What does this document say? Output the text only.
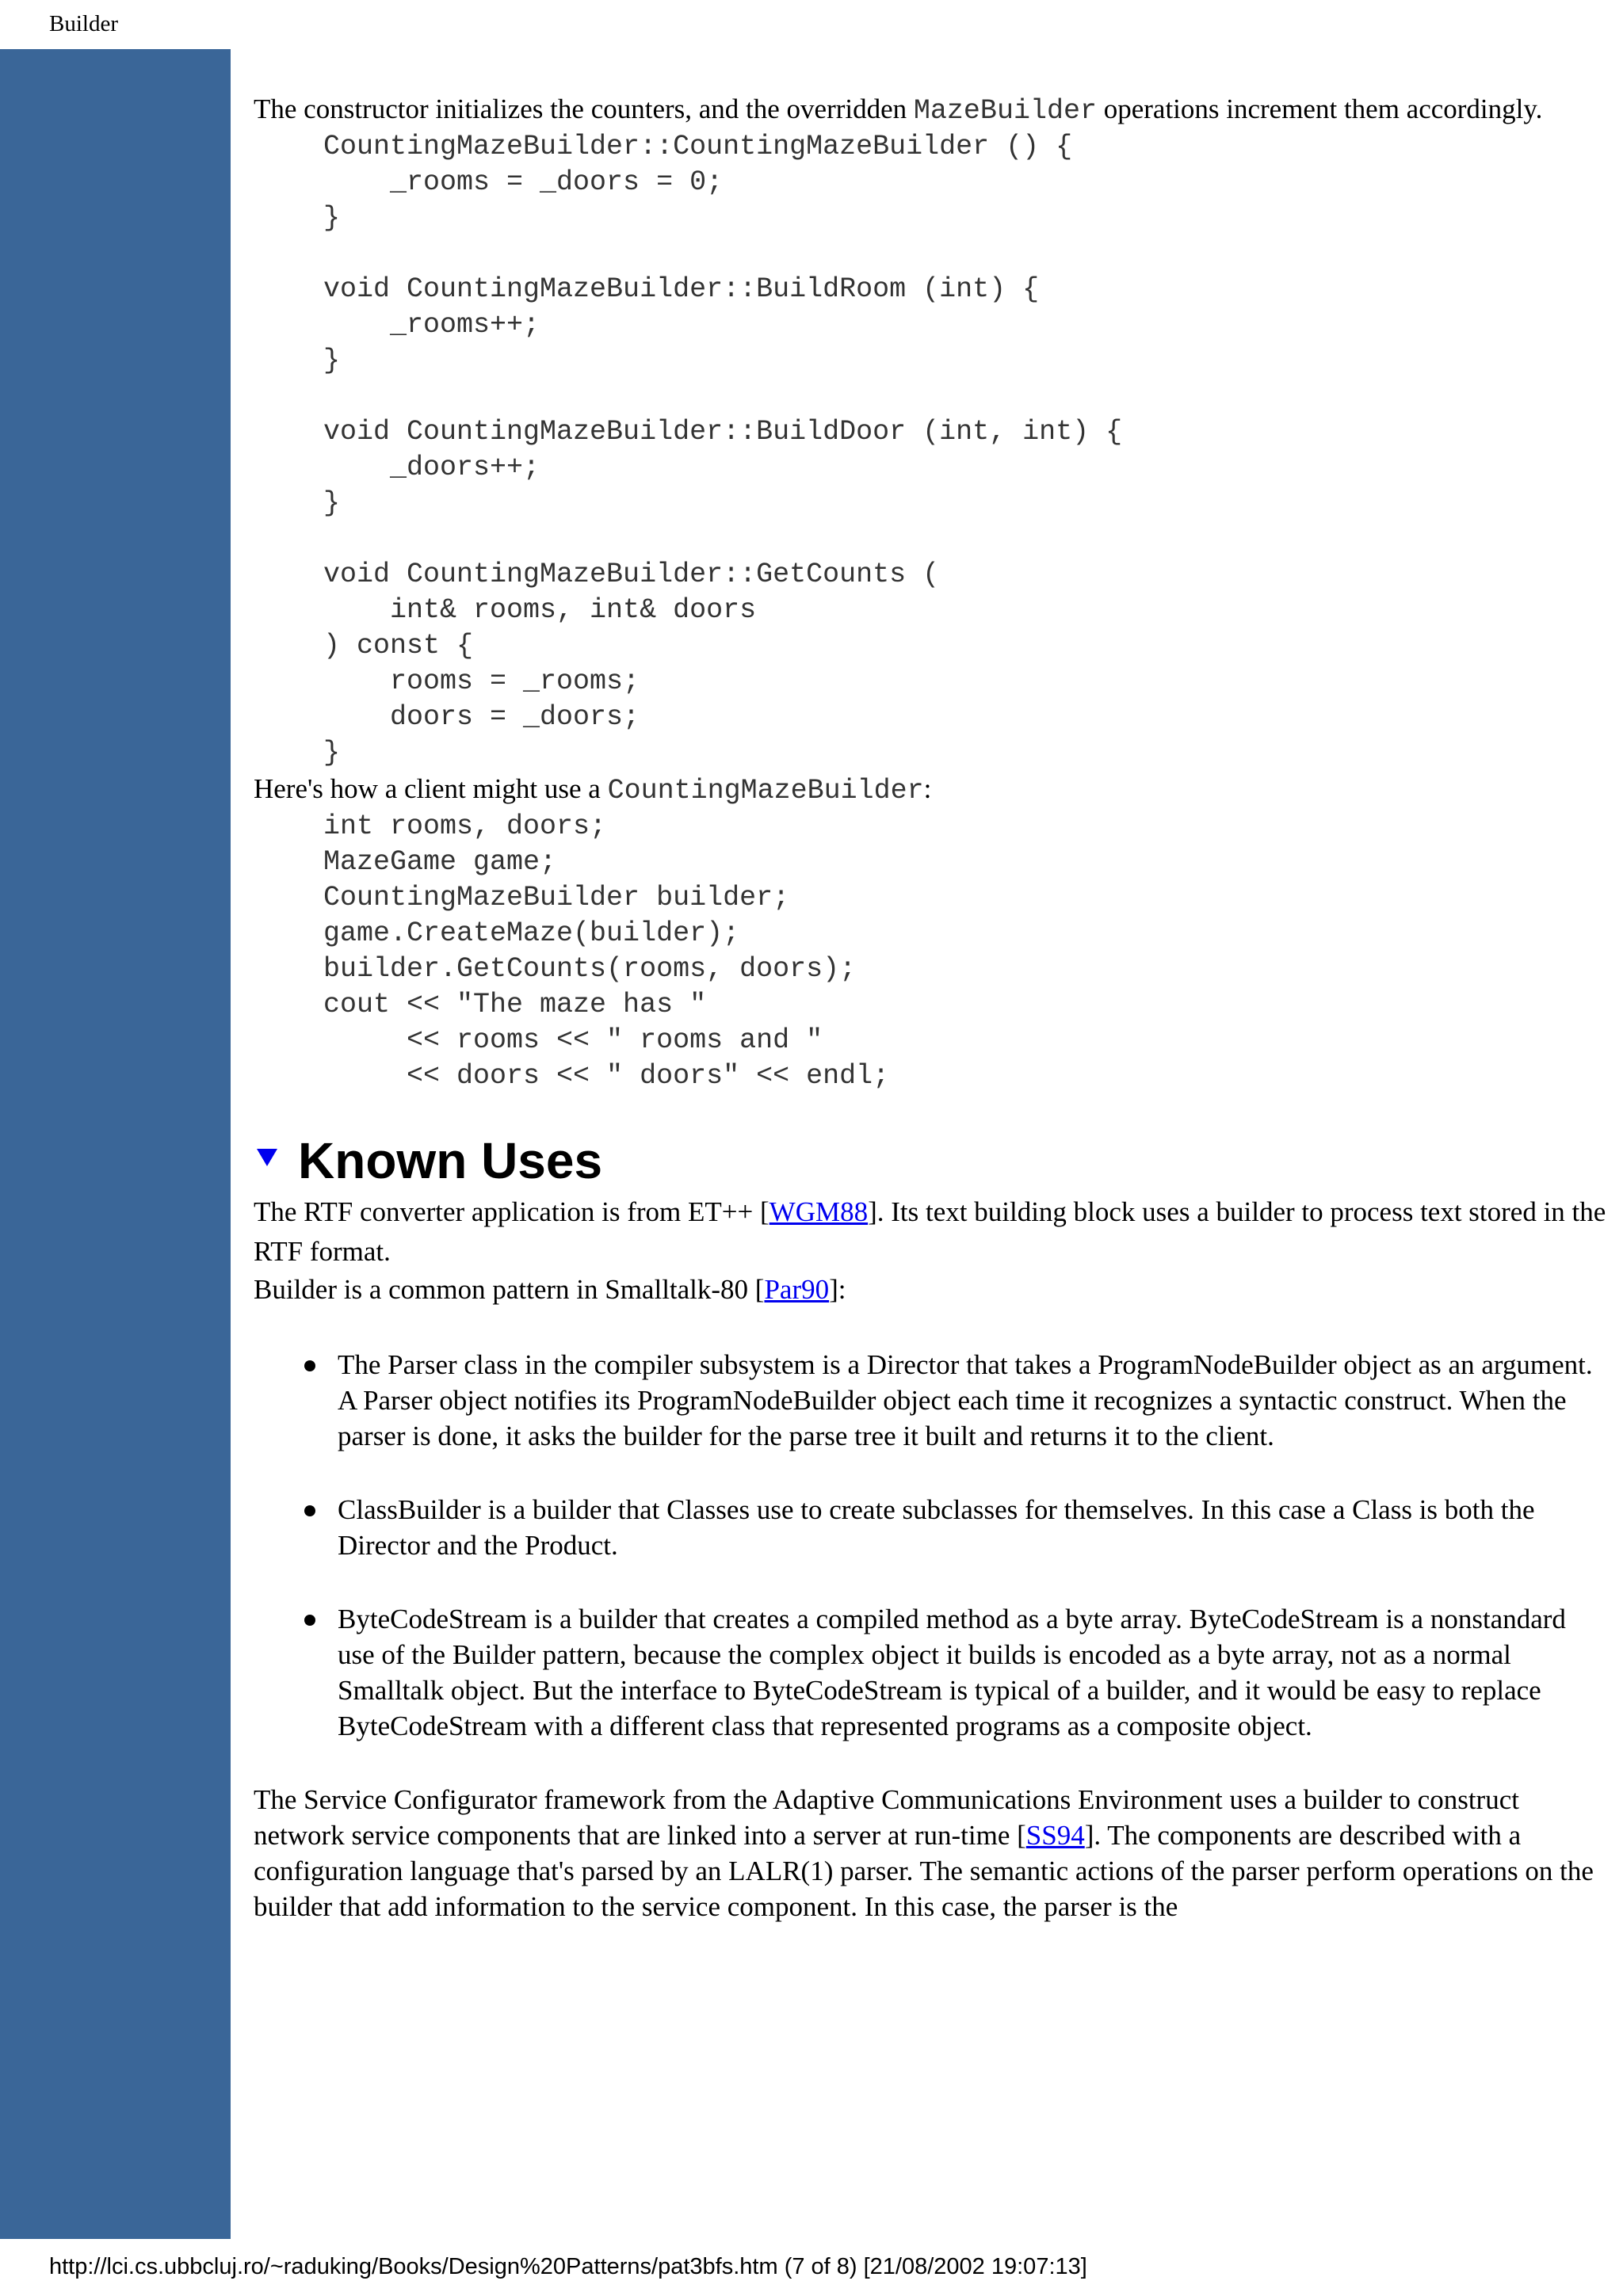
Builder

The constructor initializes the counters, and the overridden MazeBuilder operations increment them accordingly.

CountingMazeBuilder::CountingMazeBuilder () {
_rooms = _doors = 0;
}

void CountingMazeBuilder::BuildRoom (int) {
_rooms++;
}

void CountingMazeBuilder::BuildDoor (int, int) {
_doors++;
}

void CountingMazeBuilder::GetCounts (
int& rooms, int& doors
) const {
rooms = _rooms;
doors = _doors;
}

Here's how a client might use a CountingMazeBuilder:

int rooms, doors;
MazeGame game;
CountingMazeBuilder builder;
game.CreateMaze(builder);
builder.GetCounts(rooms, doors);
cout << "The maze has "
<< rooms << " rooms and "
<< doors << " doors" << endl;
Known Uses

The RTF converter application is from ET++ [WGM88]. Its text building block uses a builder to process text stored in the RTF format.

Builder is a common pattern in Smalltalk-80 [Par90]:

The Parser class in the compiler subsystem is a Director that takes a ProgramNodeBuilder object as an argument. A Parser object notifies its ProgramNodeBuilder object each time it recognizes a syntactic construct. When the parser is done, it asks the builder for the parse tree it built and returns it to the client.
ClassBuilder is a builder that Classes use to create subclasses for themselves. In this case a Class is both the Director and the Product.
ByteCodeStream is a builder that creates a compiled method as a byte array. ByteCodeStream is a nonstandard use of the Builder pattern, because the complex object it builds is encoded as a byte array, not as a normal Smalltalk object. But the interface to ByteCodeStream is typical of a builder, and it would be easy to replace ByteCodeStream with a different class that represented programs as a composite object.

The Service Configurator framework from the Adaptive Communications Environment uses a builder to construct network service components that are linked into a server at run-time [SS94]. The components are described with a configuration language that's parsed by an LALR(1) parser. The semantic actions of the parser perform operations on the builder that add information to the service component. In this case, the parser is the

http://lci.cs.ubbcluj.ro/~raduking/Books/Design%20Patterns/pat3bfs.htm (7 of 8) [21/08/2002 19:07:13]
